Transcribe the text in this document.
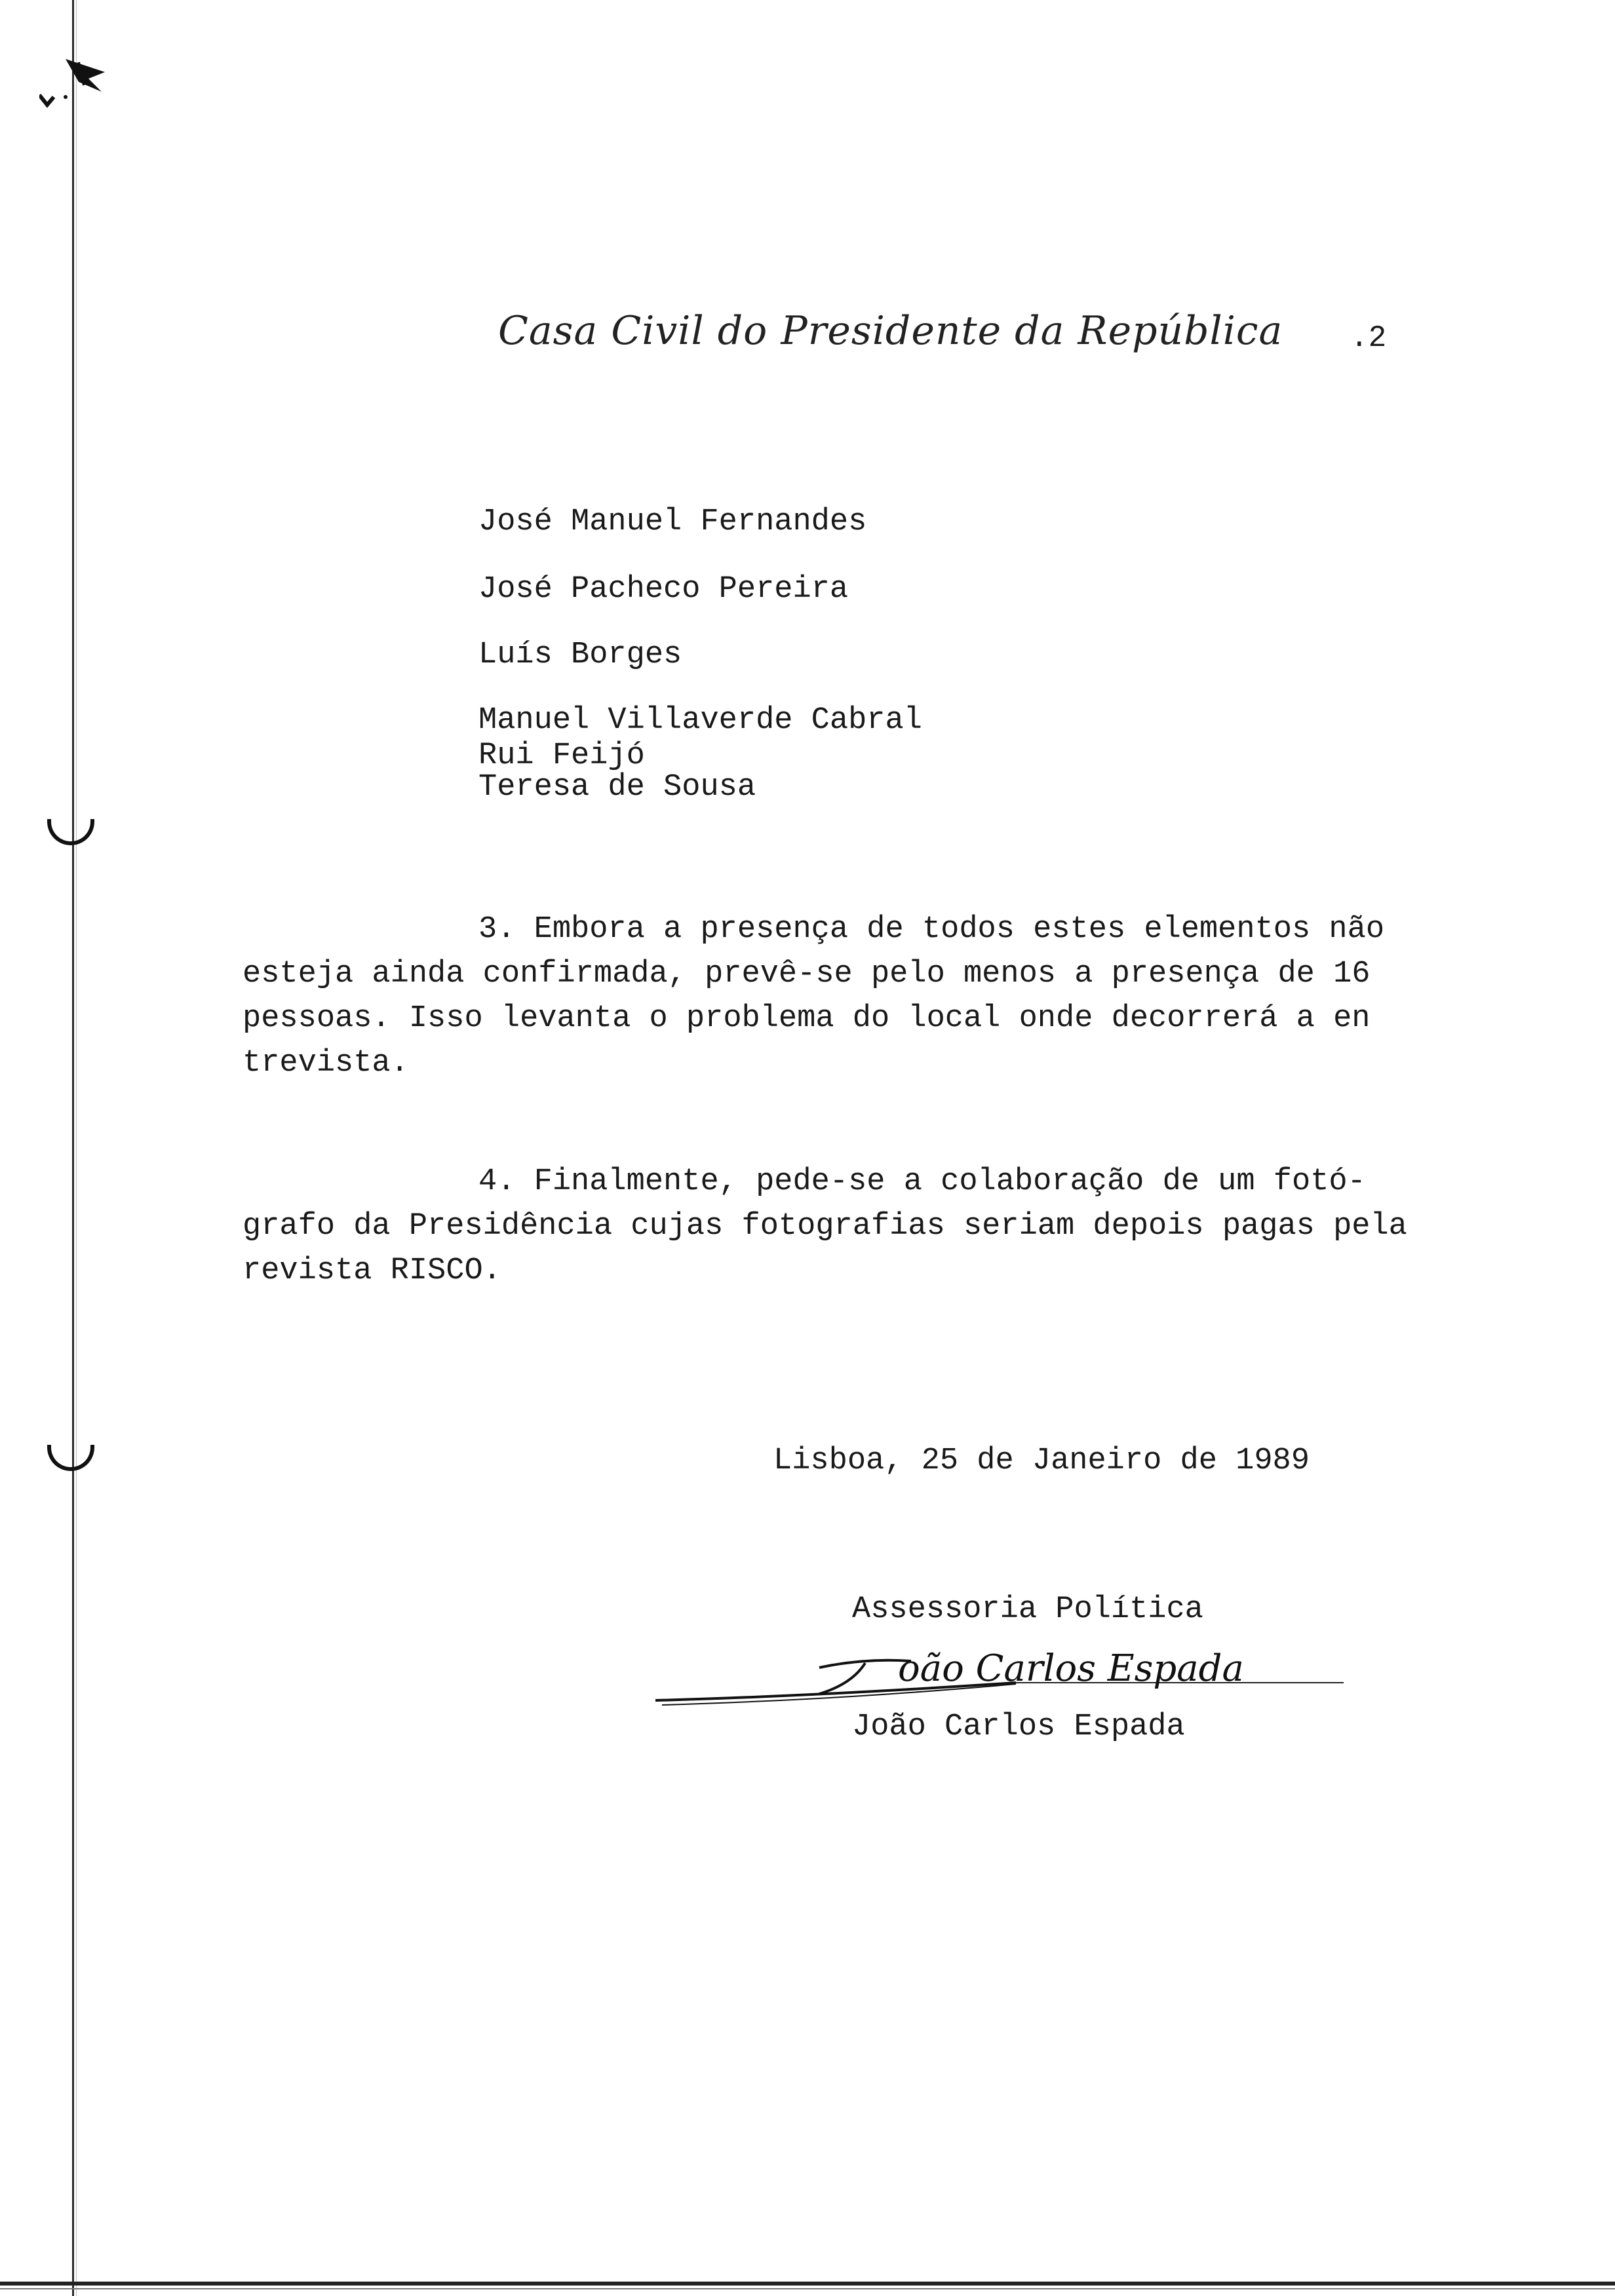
Casa Civil do Presidente da República .2
José Manuel Fernandes
José Pacheco Pereira
Luís Borges
Manuel Villaverde Cabral
Rui Feijó
Teresa de Sousa
3. Embora a presença de todos estes elementos não
esteja ainda confirmada, prevê-se pelo menos a presença de 16
pessoas. Isso levanta o problema do local onde decorrerá a en
trevista.
4. Finalmente, pede-se a colaboração de um fotó-
grafo da Presidência cujas fotografias seriam depois pagas pela
revista RISCO.
Lisboa, 25 de Janeiro de 1989
Assessoria Política
oão Carlos Espada
João Carlos Espada
